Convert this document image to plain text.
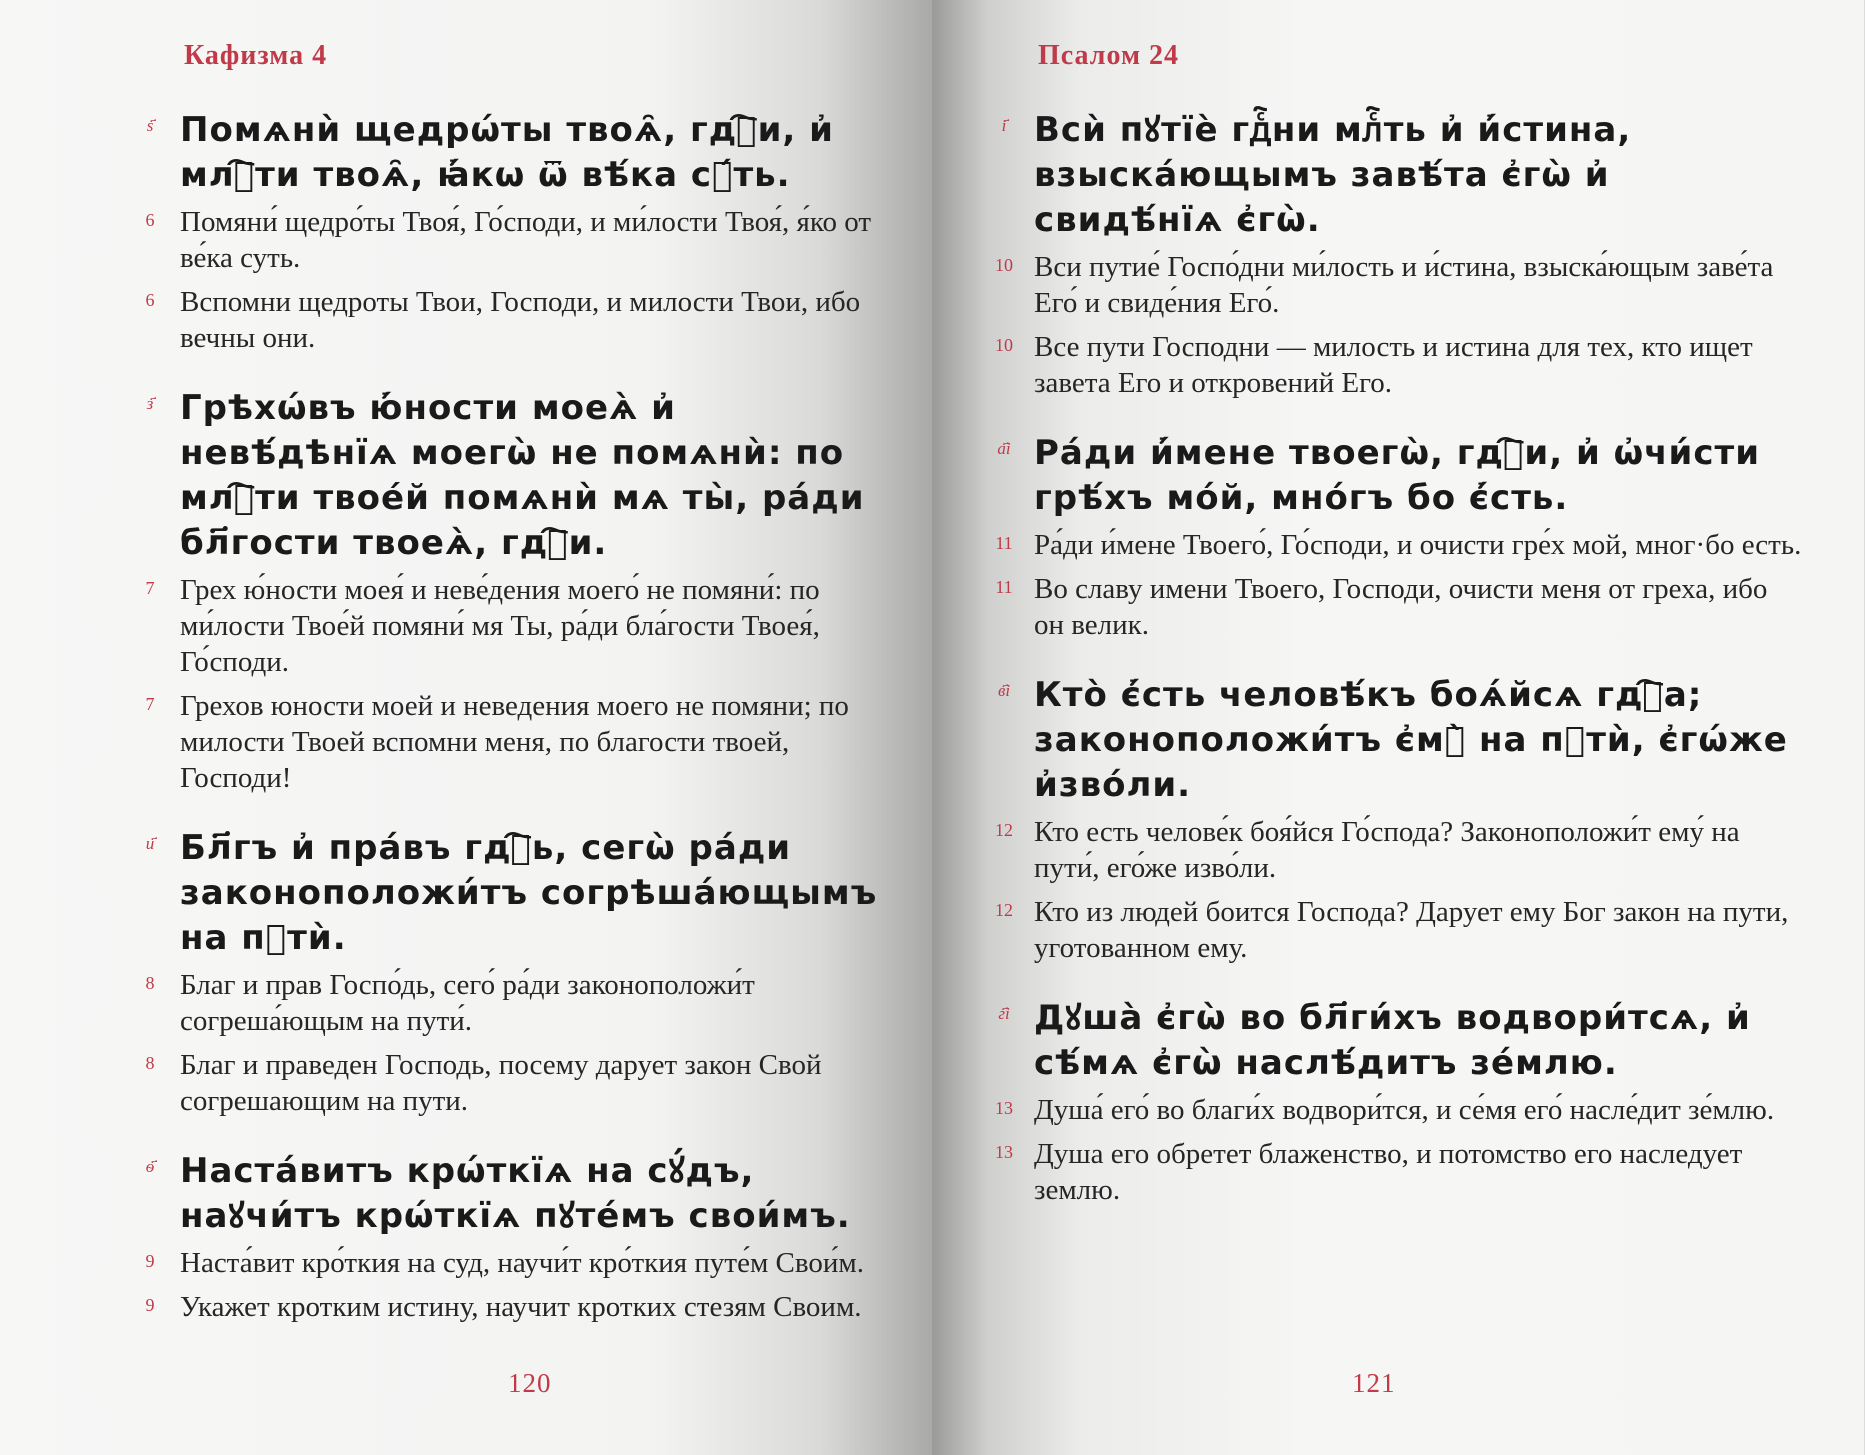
Кафизма 4
ѕ҃ Помѧнѝ щедрѡ́ты твоѧ̑, гдⷭ҇и, и҆ млⷭ҇ти твоѧ̑, ꙗ҆́кѡ ѿ вѣ́ка сꙋ́ть.

6 Помяни́ щедро́ты Твоя́, Го́споди, и ми́лости Твоя́, я́ко от ве́ка суть.

6 Вспомни щедроты Твои, Господи, и милости Твои, ибо вечны они.

з҃ Грѣхѡ́въ ю҆́ности моеѧ̀ и҆ невѣ́дѣнїѧ моегѡ̀ не помѧнѝ: по млⷭ҇ти твоéй помѧнѝ мѧ ты̀, ра́ди бл҃гости твоеѧ̀, гдⷭ҇и.

7 Грех ю́ности моея́ и неве́дения моего́ не помяни́: по ми́лости Твое́й помяни́ мя Ты, ра́ди бла́гости Твоея́, Го́споди.

7 Грехов юности моей и неведения моего не помяни; по милости Твоей вспомни меня, по благости твоей, Господи!

и҃ Бл҃гъ и҆ пра́въ гдⷭ҇ь, сегѡ̀ ра́ди законоположи́тъ согрѣша́ющымъ на пꙋтѝ.

8 Благ и прав Госпо́дь, сего́ ра́ди законоположи́т согреша́ющым на пути́.

8 Благ и праведен Господь, посему дарует закон Свой согрешающим на пути.

ѳ҃ Наста́витъ крѡ́ткїѧ на сꙋ́дъ, наꙋчи́тъ крѡ́ткїѧ пꙋте́мъ свои́мъ.

9 Наста́вит кро́ткия на суд, научи́т кро́ткия путе́м Свои́м.

9 Укажет кротким истину, научит кротких стезям Своим.

120
Псалом 24
і҃ Всѝ пꙋтїѐ гдⷭ҇ни млⷭ҇ть и҆ и҆́стина, взыска́ющымъ завѣ́та є҆гѡ̀ и҆ свидѣ́нїѧ є҆гѡ̀.

10 Вси путие́ Госпо́дни ми́лость и и́стина, взыска́ющым заве́та Его́ и свиде́ния Его́.

10 Все пути Господни — милость и истина для тех, кто ищет завета Его и откровений Его.

а҃і Ра́ди и҆́мене твоегѡ̀, гдⷭ҇и, и҆ ѡ҆чи́сти грѣ́хъ мо́й, мно́гъ бо є҆́сть.

11 Ра́ди и́мене Твоего́, Го́споди, и очисти гре́х мой, мног·бо есть.

11 Во славу имени Твоего, Господи, очисти меня от греха, ибо он велик.

в҃і Кто̀ є҆́сть человѣ́къ боѧ́йсѧ гдⷭ҇а; законоположи́тъ є҆мꙋ̀ на пꙋтѝ, є҆гѡ́же и҆зво́ли.

12 Кто есть челове́к боя́йся Го́спода? Законоположи́т ему́ на пути́, его́же изво́ли.

12 Кто из людей боится Господа? Дарует ему Бог закон на пути, уготованном ему.

г҃і Дꙋша̀ є҆гѡ̀ во бл҃ги́хъ водвори́тсѧ, и҆ сѣ́мѧ є҆гѡ̀ наслѣ́дитъ зе́млю.

13 Душа́ его́ во благи́х водвори́тся, и се́мя его́ насле́дит зе́млю.

13 Душа его обретет блаженство, и потомство его наследует землю.

121
